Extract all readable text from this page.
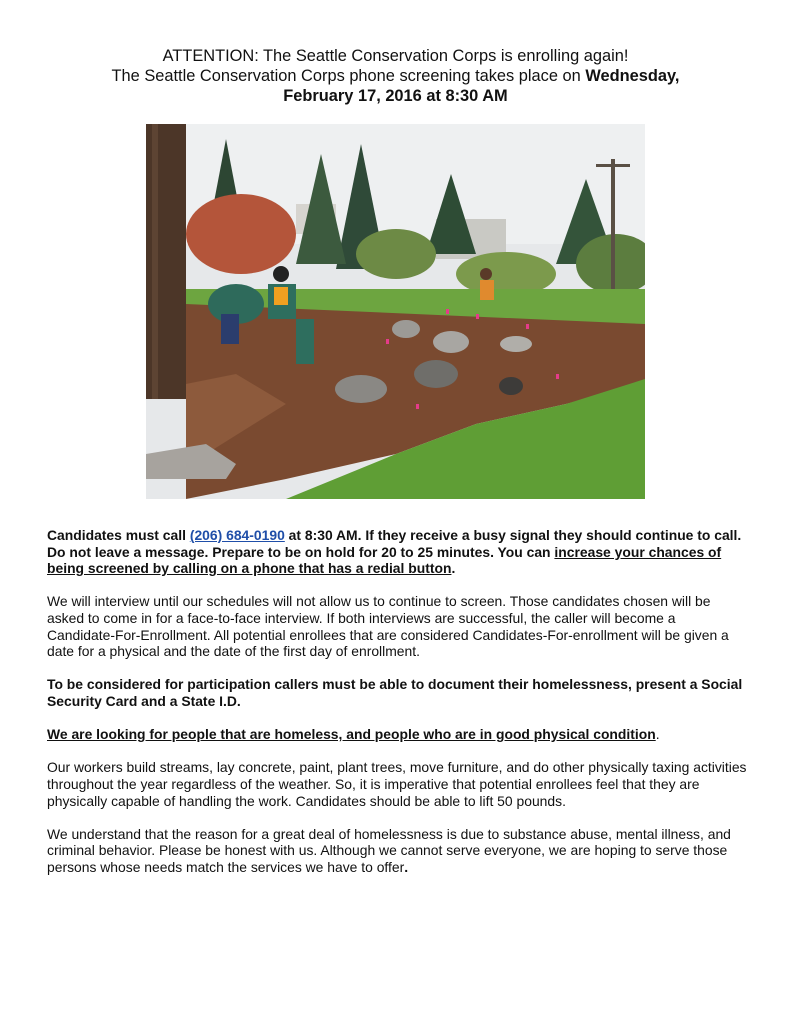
ATTENTION: The Seattle Conservation Corps is enrolling again!
The Seattle Conservation Corps phone screening takes place on Wednesday,
February 17, 2016 at 8:30 AM

Candidates must call (206) 684-0190 at 8:30 AM. If they receive a busy signal they should continue to call. Do not leave a message. Prepare to be on hold for 20 to 25 minutes. You can increase your chances of being screened by calling on a phone that has a redial button.

We will interview until our schedules will not allow us to continue to screen. Those candidates chosen will be asked to come in for a face-to-face interview. If both interviews are successful, the caller will become a Candidate-For-Enrollment. All potential enrollees that are considered Candidates-For-enrollment will be given a date for a physical and the date of the first day of enrollment.

To be considered for participation callers must be able to document their homelessness, present a Social Security Card and a State I.D.

We are looking for people that are homeless, and people who are in good physical condition.

Our workers build streams, lay concrete, paint, plant trees, move furniture, and do other physically taxing activities throughout the year regardless of the weather. So, it is imperative that potential enrollees feel that they are physically capable of handling the work. Candidates should be able to lift 50 pounds.

We understand that the reason for a great deal of homelessness is due to substance abuse, mental illness, and criminal behavior. Please be honest with us. Although we cannot serve everyone, we are hoping to serve those persons whose needs match the services we have to offer.
